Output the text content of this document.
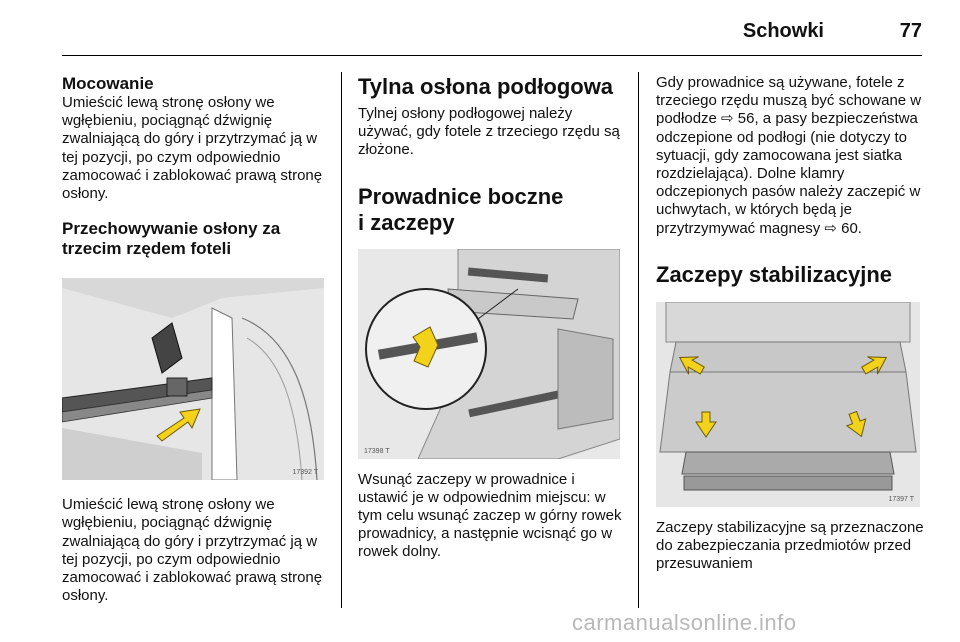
Schowki	77

Mocowanie

Umieścić lewą stronę osłony we wgłębieniu, pociągnąć dźwignię zwalniającą do góry i przytrzymać ją w tej pozycji, po czym odpowiednio zamocować i zablokować prawą stronę osłony.

Przechowywanie osłony za trzecim rzędem foteli

17392 T

Umieścić lewą stronę osłony we wgłębieniu, pociągnąć dźwignię zwalniającą do góry i przytrzymać ją w tej pozycji, po czym odpowiednio zamocować i zablokować prawą stronę osłony.

Tylna osłona podłogowa

Tylnej osłony podłogowej należy używać, gdy fotele z trzeciego rzędu są złożone.

Prowadnice boczne

i zaczepy

17398 T

Wsunąć zaczepy w prowadnice i ustawić je w odpowiednim miejscu: w tym celu wsunąć zaczep w górny rowek prowadnicy, a następnie wcisnąć go w rowek dolny.

Gdy prowadnice są używane, fotele z trzeciego rzędu muszą być schowane w podłodze ⇨ 56, a pasy bezpieczeństwa odczepione od podłogi (nie dotyczy to sytuacji, gdy zamocowana jest siatka rozdzielająca). Dolne klamry odczepionych pasów należy zaczepić w uchwytach, w których będą je przytrzymywać magnesy ⇨ 60.

Zaczepy stabilizacyjne

17397 T

Zaczepy stabilizacyjne są przeznaczone do zabezpieczania przedmiotów przed przesuwaniem

carmanualsonline.info
